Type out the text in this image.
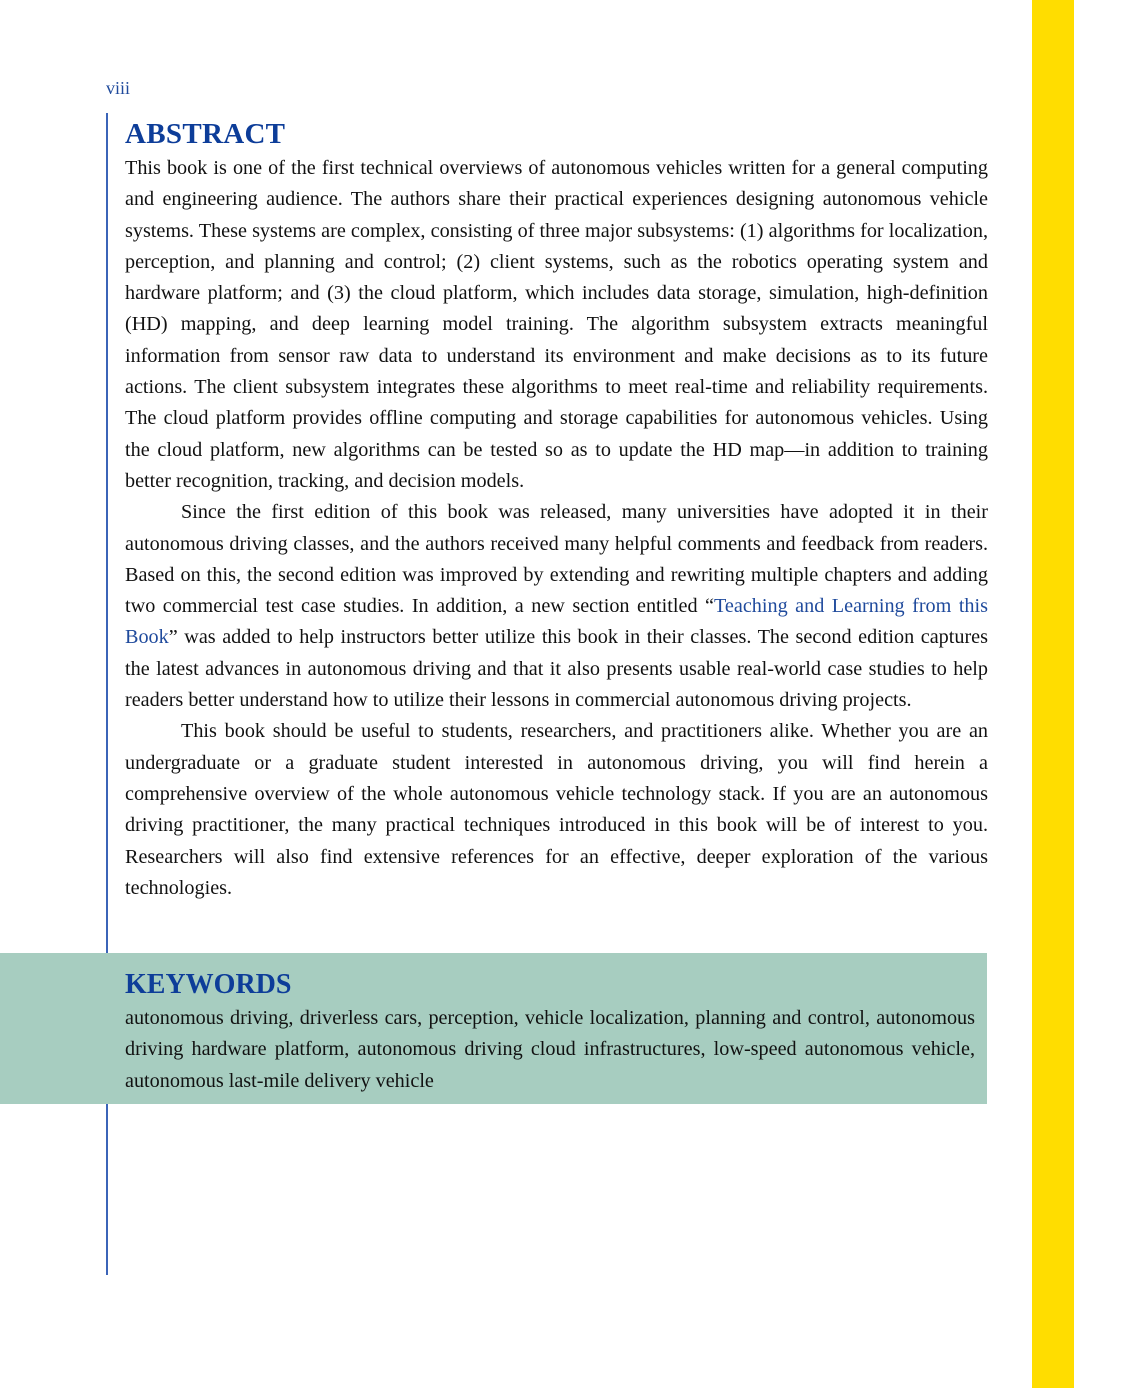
viii
ABSTRACT

This book is one of the first technical overviews of autonomous vehicles written for a general computing and engineering audience. The authors share their practical experiences designing autonomous vehicle systems. These systems are complex, consisting of three major subsystems: (1) algorithms for localization, perception, and planning and control; (2) client systems, such as the robotics operating system and hardware platform; and (3) the cloud platform, which includes data storage, simulation, high-definition (HD) mapping, and deep learning model training. The algorithm subsystem extracts meaningful information from sensor raw data to understand its environment and make decisions as to its future actions. The client subsystem integrates these algorithms to meet real-time and reliability requirements. The cloud platform provides offline computing and storage capabilities for autonomous vehicles. Using the cloud platform, new algorithms can be tested so as to update the HD map—in addition to training better recognition, tracking, and decision models.

Since the first edition of this book was released, many universities have adopted it in their autonomous driving classes, and the authors received many helpful comments and feedback from readers. Based on this, the second edition was improved by extending and rewriting multiple chapters and adding two commercial test case studies. In addition, a new section entitled “Teaching and Learning from this Book” was added to help instructors better utilize this book in their classes. The second edition captures the latest advances in autonomous driving and that it also presents usable real-world case studies to help readers better understand how to utilize their lessons in commercial autonomous driving projects.

This book should be useful to students, researchers, and practitioners alike. Whether you are an undergraduate or a graduate student interested in autonomous driving, you will find herein a comprehensive overview of the whole autonomous vehicle technology stack. If you are an autonomous driving practitioner, the many practical techniques introduced in this book will be of interest to you. Researchers will also find extensive references for an effective, deeper exploration of the various technologies.

KEYWORDS

autonomous driving, driverless cars, perception, vehicle localization, planning and control, autonomous driving hardware platform, autonomous driving cloud infrastructures, low-speed autonomous vehicle, autonomous last-mile delivery vehicle
